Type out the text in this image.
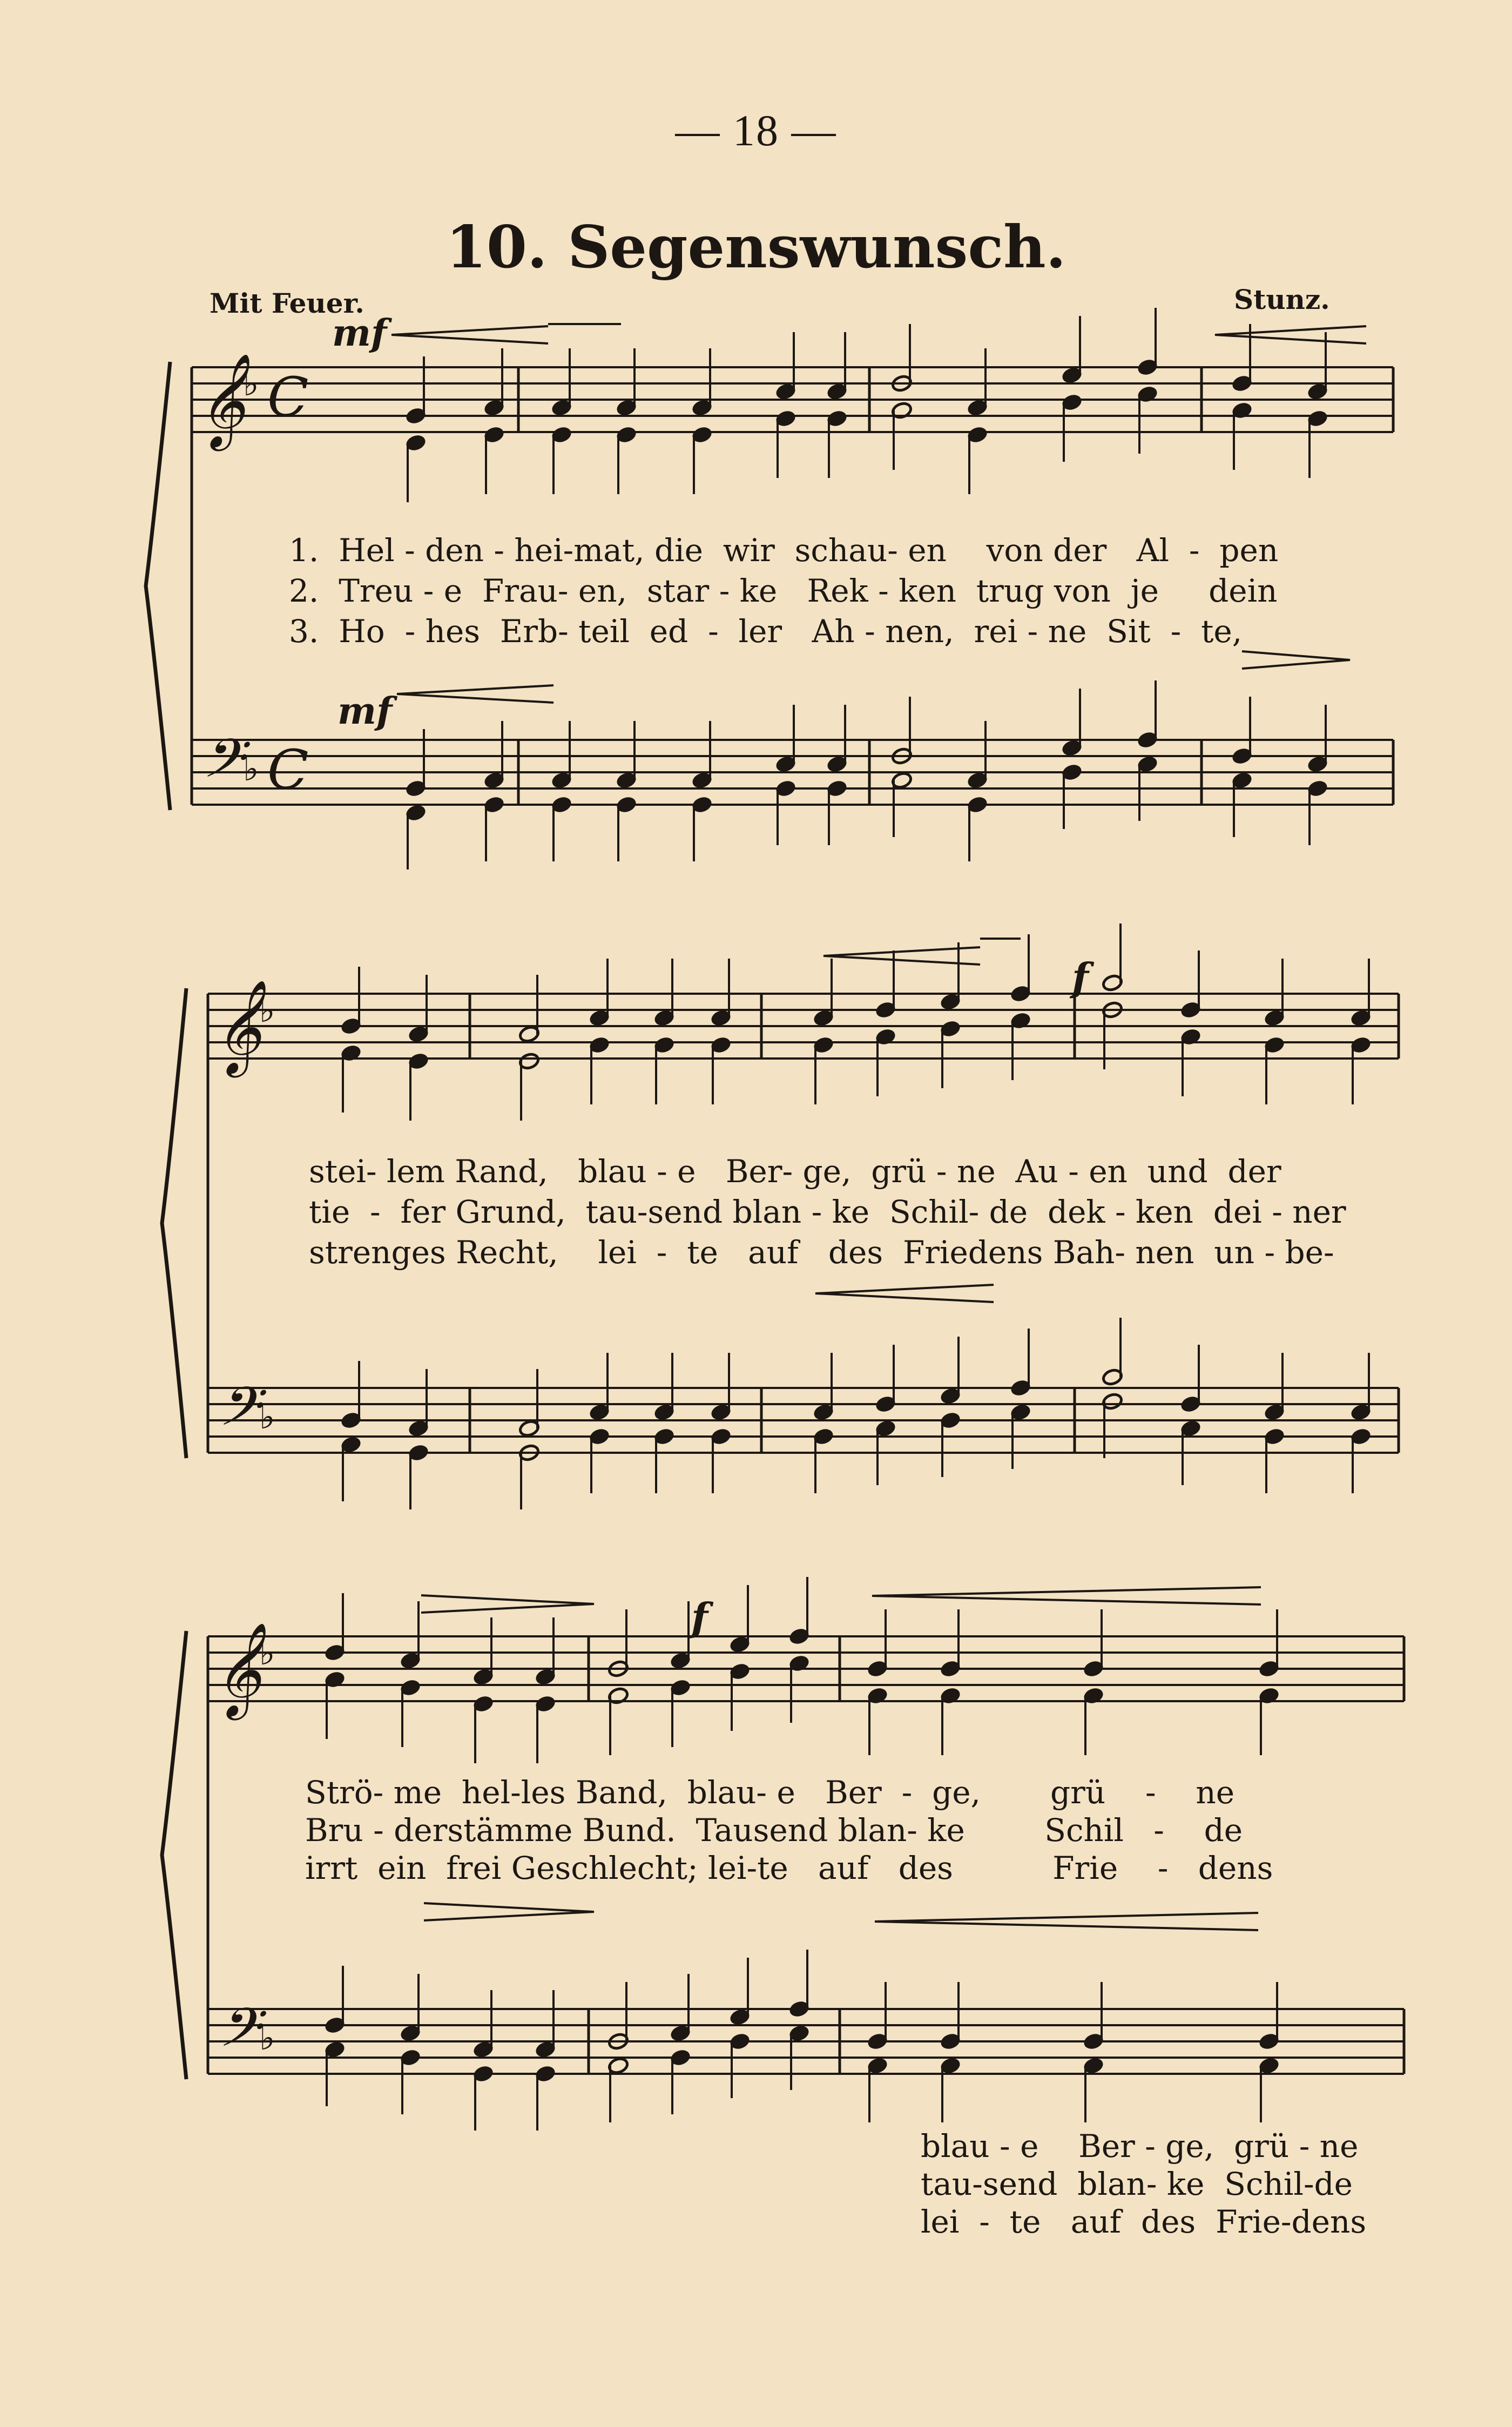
— 18 —
10. Segenswunsch.
Mit Feuer.	Stunz.
𝄞
𝄢
♭
♭
C
C
mf
mf
𝄞
𝄢
♭
♭
f
𝄞
𝄢
♭
♭
f
1.  Hel - den - hei-mat, die  wir  schau- en    von der   Al  -  pen
2.  Treu - e  Frau- en,  star - ke   Rek - ken  trug von  je     dein
3.  Ho  - hes  Erb- teil  ed  -  ler   Ah - nen,  rei - ne  Sit  -  te,
stei- lem Rand,   blau - e   Ber- ge,  grü - ne  Au - en  und  der
tie  -  fer Grund,  tau-send blan - ke  Schil- de  dek - ken  dei - ner
strenges Recht,    lei  -  te   auf   des  Friedens Bah- nen  un - be-
Strö- me  hel-les Band,  blau- e   Ber  -  ge,       grü    -    ne
Bru - derstämme Bund.  Tausend blan- ke        Schil   -    de
irrt  ein  frei Geschlecht; lei-te   auf   des          Frie    -   dens
blau - e    Ber - ge,  grü - ne
tau-send  blan- ke  Schil-de
lei  -  te   auf  des  Frie-dens
